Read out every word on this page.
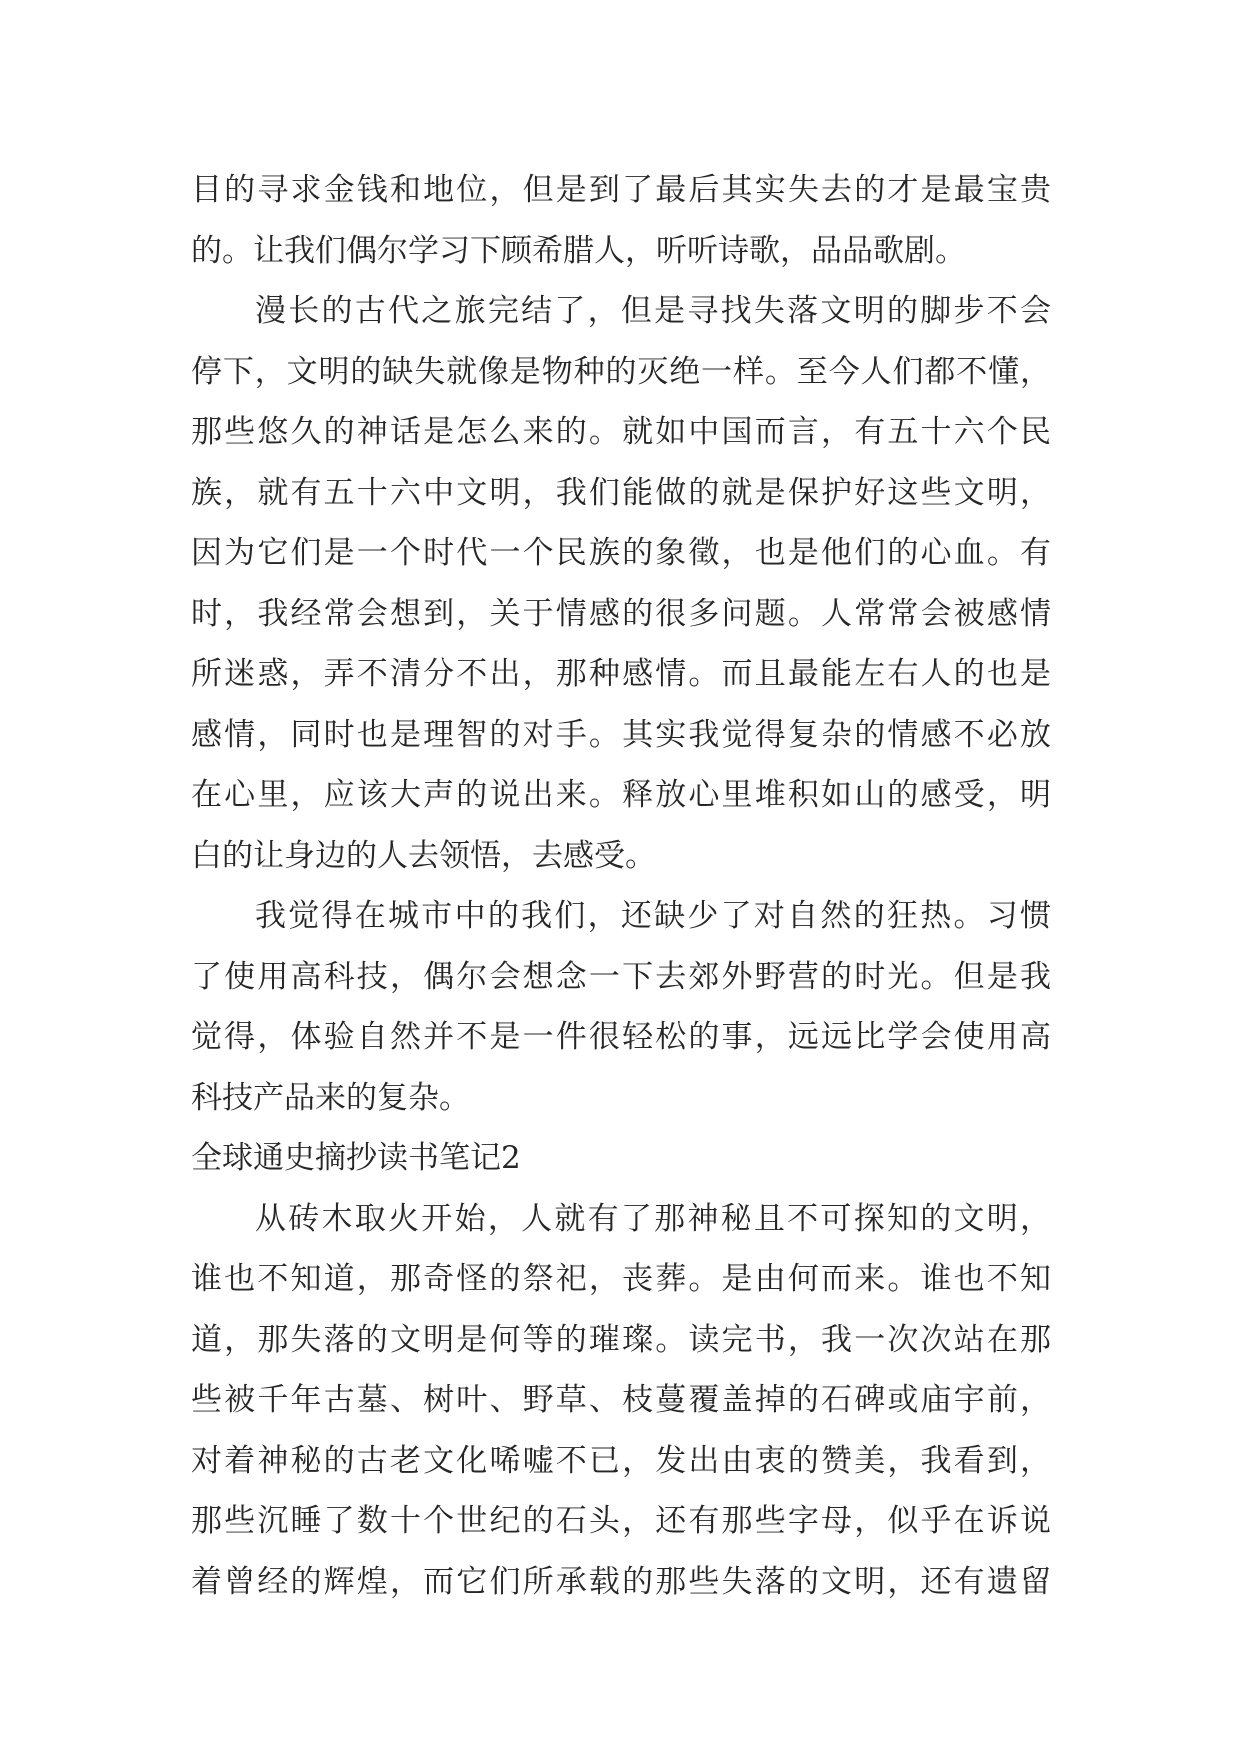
目的寻求金钱和地位，但是到了最后其实失去的才是最宝贵
的。让我们偶尔学习下顾希腊人，听听诗歌，品品歌剧。
漫长的古代之旅完结了，但是寻找失落文明的脚步不会
停下，文明的缺失就像是物种的灭绝一样。至今人们都不懂，
那些悠久的神话是怎么来的。就如中国而言，有五十六个民
族，就有五十六中文明，我们能做的就是保护好这些文明，
因为它们是一个时代一个民族的象徵，也是他们的心血。有
时，我经常会想到，关于情感的很多问题。人常常会被感情
所迷惑，弄不清分不出，那种感情。而且最能左右人的也是
感情，同时也是理智的对手。其实我觉得复杂的情感不必放
在心里，应该大声的说出来。释放心里堆积如山的感受，明
白的让身边的人去领悟，去感受。
我觉得在城市中的我们，还缺少了对自然的狂热。习惯
了使用高科技，偶尔会想念一下去郊外野营的时光。但是我
觉得，体验自然并不是一件很轻松的事，远远比学会使用高
科技产品来的复杂。
全球通史摘抄读书笔记2
从砖木取火开始，人就有了那神秘且不可探知的文明，
谁也不知道，那奇怪的祭祀，丧葬。是由何而来。谁也不知
道，那失落的文明是何等的璀璨。读完书，我一次次站在那
些被千年古墓、树叶、野草、枝蔓覆盖掉的石碑或庙宇前，
对着神秘的古老文化唏嘘不已，发出由衷的赞美，我看到，
那些沉睡了数十个世纪的石头，还有那些字母，似乎在诉说
着曾经的辉煌，而它们所承载的那些失落的文明，还有遗留
